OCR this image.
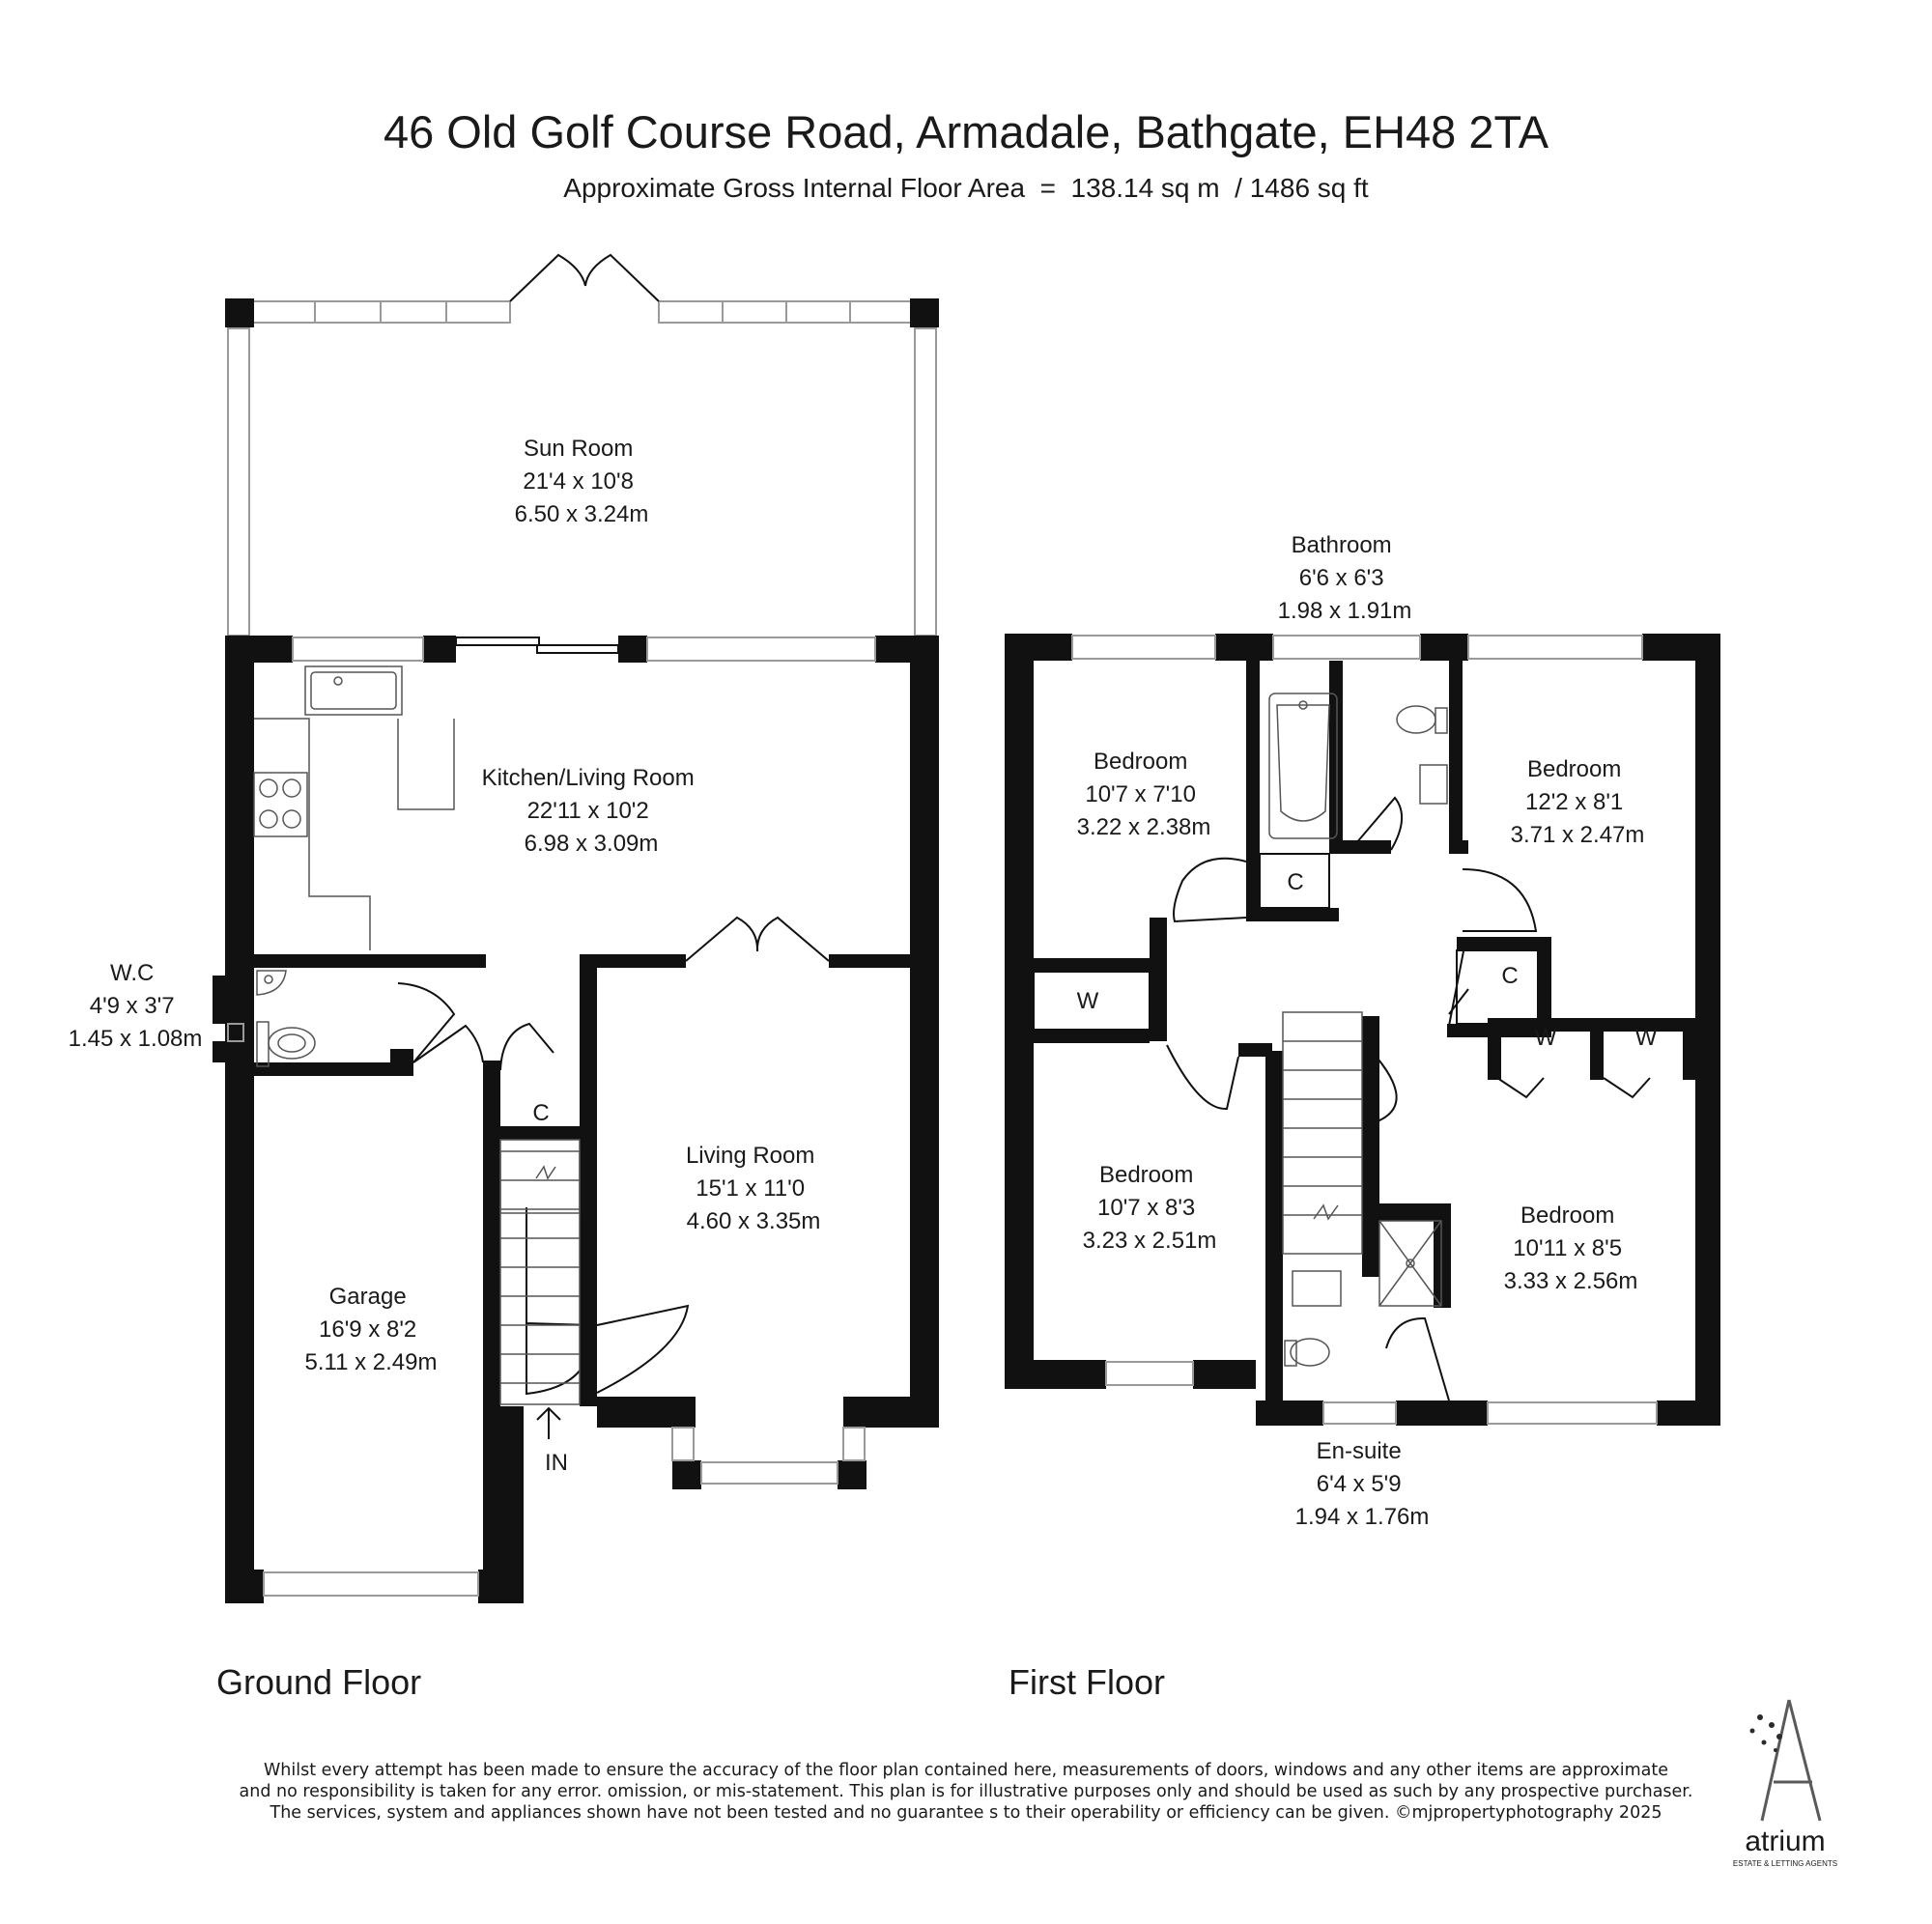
46 Old Golf Course Road, Armadale, Bathgate, EH48 2TA
Approximate Gross Internal Floor Area  =  138.14 sq m  / 1486 sq ft
Sun Room 21'4 x 10'8 6.50 x 3.24m
Kitchen/Living Room 22'11 x 10'2 6.98 x 3.09m
W.C 4'9 x 3'7 1.45 x 1.08m
Living Room 15'1 x 11'0 4.60 x 3.35m
Garage 16'9 x 8'2 5.11 x 2.49m
C
IN
Bathroom 6'6 x 6'3 1.98 x 1.91m
Bedroom 10'7 x 7'10 3.22 x 2.38m
Bedroom 12'2 x 8'1 3.71 x 2.47m
Bedroom 10'7 x 8'3 3.23 x 2.51m
Bedroom 10'11 x 8'5 3.33 x 2.56m
En-suite 6'4 x 5'9 1.94 x 1.76m
C
C
W
W	W
Ground Floor	First Floor
atrium
ESTATE & LETTING AGENTS
Whilst every attempt has been made to ensure the accuracy of the floor plan contained here, measurements of doors, windows and any other items are approximate
and no responsibility is taken for any error. omission, or mis-statement. This plan is for illustrative purposes only and should be used as such by any prospective purchaser.
The services, system and appliances shown have not been tested and no guarantee s to their operability or efficiency can be given. ©mjpropertyphotography 2025
